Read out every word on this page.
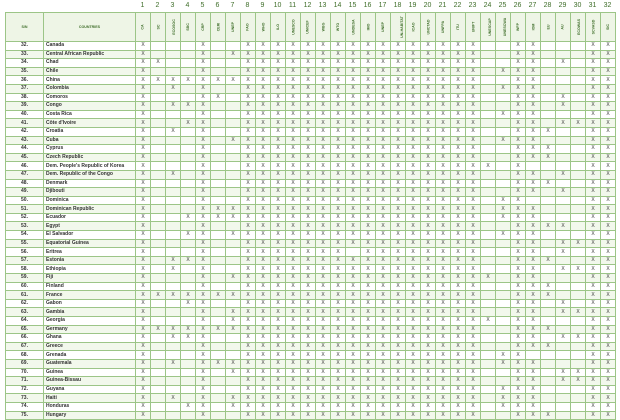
1	2	3	4	5	6	7	8	9	10 11 12 13 14 15 16 17 18 19 20 21 22 23 24 25 26 27 28 29 30 31 32
S/N	COUNTRIES	CA	SC	ECOSOC	SBC	CRP	CERI	UNEP	FAO	WHO	ILO	UNESCO	UNICEF	WBG	WTO	UNDESA	IMO	UNEP	UN-HABITAT	ICAO	UNCTAD	UNFPA	ITU	UNIFT	UNESCAP	UNESCWA	WFP	IOM	EU	AU	ECOWAS	SCVASD	SIC
32.	Canada	X				X			X	X	X	X	X	X	X	X	X	X	X	X	X	X	X	X			X	X				X	X
33.	Central African Republic	X				X		X	X	X	X	X	X	X	X	X	X	X	X	X	X	X	X	X			X	X				X	X
34.	Chad	X	X			X			X	X	X	X	X	X	X	X	X	X	X	X	X	X	X	X			X	X		X		X	X
35.	Chile	X				X			X	X	X	X	X	X	X	X	X	X	X	X	X	X	X	X		X	X	X				X	X
36.	China	X	X	X	X	X	X	X	X	X	X	X	X	X	X	X	X	X	X	X	X	X	X	X			X	X				X	X
37.	Colombia	X		X		X			X	X	X	X	X	X	X	X	X	X	X	X	X	X	X	X		X	X	X				X	X
38.	Comoros	X				X	X		X	X	X	X	X	X	X	X	X	X	X	X	X	X	X	X			X	X		X		X	X
39.	Congo	X		X	X	X			X	X	X	X	X	X	X	X	X	X	X	X	X	X	X	X			X	X		X		X	X
40.	Costa Rica	X				X			X	X	X	X	X	X	X	X	X	X	X	X	X	X	X	X		X	X	X				X	X
41.	Côte d'Ivoire	X			X	X			X	X	X	X	X	X	X	X	X	X	X	X	X	X	X	X			X	X		X	X	X	X
42.	Croatia	X		X		X			X	X	X	X	X	X	X	X	X	X	X	X	X	X	X	X			X	X	X			X	X
43.	Cuba	X				X		X	X	X	X	X	X	X	X	X	X	X	X	X	X	X	X	X		X	X	X				X	X
44.	Cyprus	X				X			X	X	X	X	X	X	X	X	X	X	X	X	X	X	X	X			X	X	X			X	X
45.	Czech Republic	X				X			X	X	X	X	X	X	X	X	X	X	X	X	X	X	X	X			X	X	X			X	X
46.	Dem. People's Republic of Korea	X				X			X	X	X	X	X	X	X	X	X	X	X	X	X	X	X	X	X		X					X	X
47.	Dem. Republic of the Congo	X		X		X			X	X	X	X	X	X	X	X	X	X	X	X	X	X	X	X			X	X		X		X	X
48.	Denmark	X				X			X	X	X	X	X	X	X	X	X	X	X	X	X	X	X	X			X	X	X			X	X
49.	Djibouti	X				X			X	X	X	X	X	X	X	X	X	X	X	X	X	X	X	X			X	X		X		X	X
50.	Dominica	X				X			X	X	X	X	X	X	X	X	X	X	X	X	X	X	X	X		X	X					X	X
51.	Dominican Republic	X				X	X	X	X	X	X	X	X	X	X	X	X	X	X	X	X	X	X	X		X	X	X				X	X
52.	Ecuador	X			X	X	X	X	X	X	X	X	X	X	X	X	X	X	X	X	X	X	X	X		X	X	X				X	X
53.	Egypt	X				X			X	X	X	X	X	X	X	X	X	X	X	X	X	X	X	X			X	X	X	X		X	X
54.	El Salvador	X			X	X		X	X	X	X	X	X	X	X	X	X	X	X	X	X	X	X	X		X	X	X				X	X
55.	Equatorial Guinea	X				X			X	X	X	X	X	X	X	X	X	X	X	X	X	X	X	X			X	X		X	X	X	X
56.	Eritrea	X				X			X	X	X	X	X	X	X		X	X	X	X	X	X	X	X			X	X		X		X	X
57.	Estonia	X		X	X	X			X	X	X	X	X	X	X	X	X	X	X	X	X	X	X	X			X	X	X			X	X
58.	Ethiopia	X		X		X			X	X	X	X	X	X	X	X	X	X	X	X	X	X	X	X			X	X		X	X	X	X
59.	Fiji	X				X		X	X	X	X	X	X	X	X	X	X	X	X	X	X	X	X	X	X		X	X				X	X
60.	Finland	X				X			X	X	X	X	X	X	X	X	X	X	X	X	X	X	X	X			X	X	X			X	X
61.	France	X	X	X	X	X	X	X	X	X	X	X	X	X	X	X	X	X	X	X	X	X	X	X			X	X	X			X	X
62.	Gabon	X			X	X			X	X	X	X	X	X	X	X	X	X	X	X	X	X	X	X			X	X		X		X	X
63.	Gambia	X				X		X	X	X	X	X	X	X	X	X	X	X	X	X	X	X	X	X			X	X		X	X	X	X
64.	Georgia	X				X		X	X	X	X	X	X	X	X	X	X	X	X	X	X	X	X	X	X		X	X				X	X
65.	Germany	X	X	X	X	X	X	X	X	X	X	X	X	X	X	X	X	X	X	X	X	X	X	X			X	X	X			X	X
66.	Ghana	X		X	X	X			X	X	X	X	X	X	X	X	X	X	X	X	X	X	X	X			X	X		X	X	X	X
67.	Greece	X				X			X	X	X	X	X	X	X	X	X	X	X	X	X	X	X	X			X	X	X			X	X
68.	Grenada	X				X			X	X	X	X	X	X	X	X	X	X	X	X	X	X	X	X		X	X					X	X
69.	Guatemala	X		X		X	X	X	X	X	X	X	X	X	X	X	X	X	X	X	X	X	X	X		X	X	X				X	X
70.	Guinea	X				X		X	X	X	X	X	X	X	X	X	X	X	X	X	X	X	X	X			X	X		X	X	X	X
71.	Guinea-Bissau	X				X			X	X	X	X	X	X	X	X	X	X	X	X	X	X	X	X			X	X		X	X	X	X
72.	Guyana	X				X			X	X	X	X	X	X	X	X	X	X	X	X	X	X	X	X		X	X	X				X	X
73.	Haiti	X		X		X		X	X	X	X	X	X	X	X	X	X	X	X	X	X	X	X	X		X	X	X				X	X
74.	Honduras	X			X	X		X	X	X	X	X	X	X	X	X	X	X	X	X	X	X	X	X		X	X	X				X	X
75.	Hungary	X				X			X	X	X	X	X	X	X	X	X	X	X	X	X	X	X	X			X	X	X			X	X
